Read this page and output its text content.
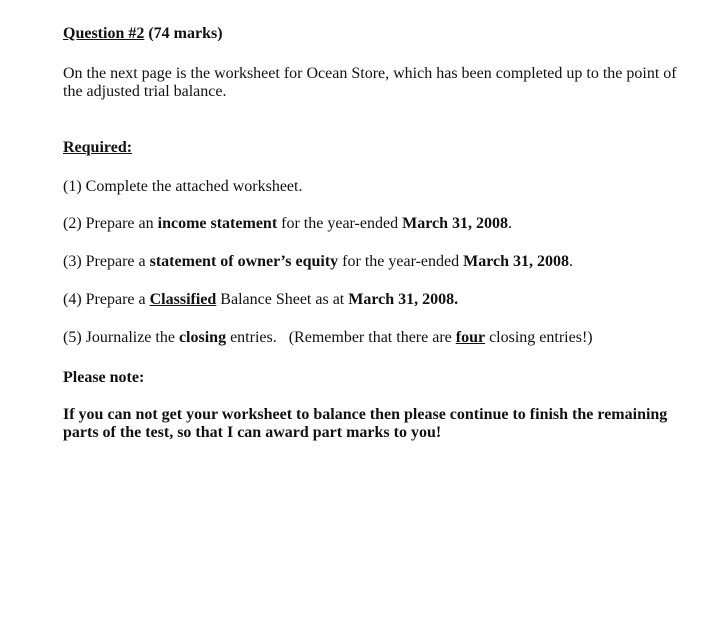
Question #2 (74 marks)

On the next page is the worksheet for Ocean Store, which has been completed up to the point of the adjusted trial balance.

Required:

(1) Complete the attached worksheet.

(2) Prepare an income statement for the year-ended March 31, 2008.

(3) Prepare a statement of owner’s equity for the year-ended March 31, 2008.

(4) Prepare a Classified Balance Sheet as at March 31, 2008.

(5) Journalize the closing entries.   (Remember that there are four closing entries!)

Please note:

If you can not get your worksheet to balance then please continue to finish the remaining parts of the test, so that I can award part marks to you!
